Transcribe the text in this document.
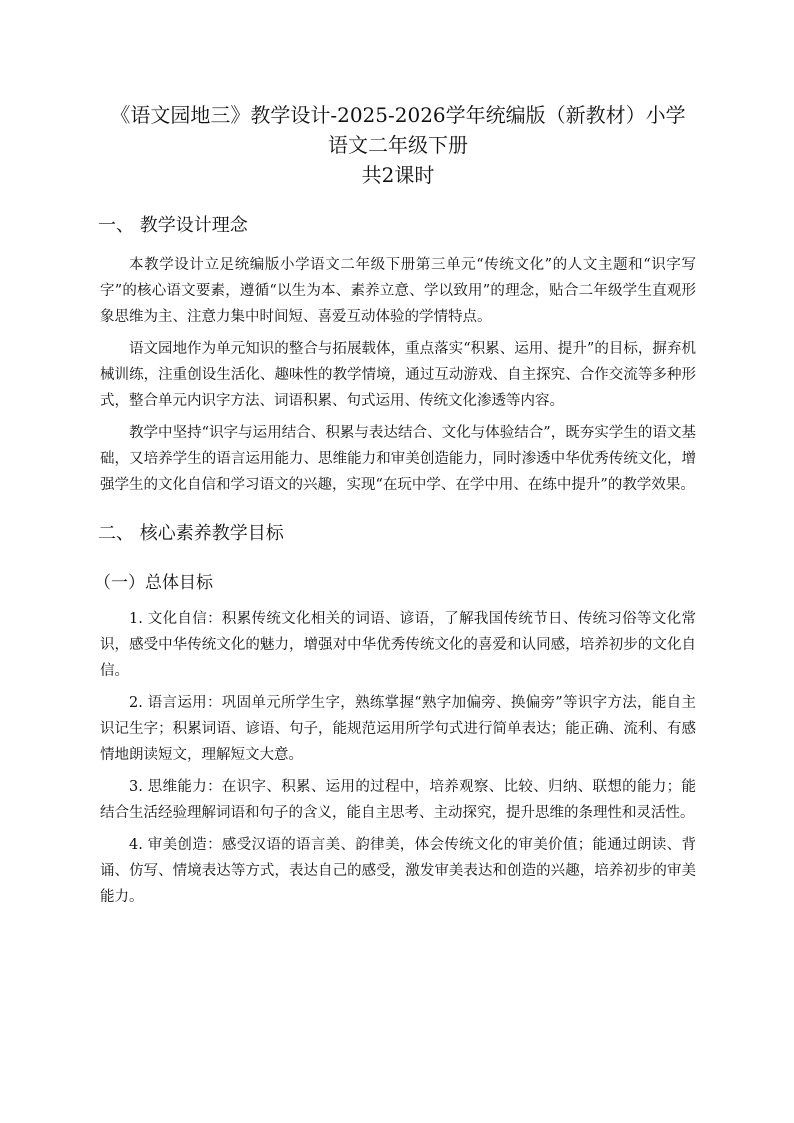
《语文园地三》教学设计-2025-2026学年统编版（新教材）小学
语文二年级下册
共2课时
一、 教学设计理念

本教学设计立足统编版小学语文二年级下册第三单元“传统文化”的人文主题和“识字写字”的核心语文要素，遵循“以生为本、素养立意、学以致用”的理念，贴合二年级学生直观形象思维为主、注意力集中时间短、喜爱互动体验的学情特点。

语文园地作为单元知识的整合与拓展载体，重点落实“积累、运用、提升”的目标，摒弃机械训练，注重创设生活化、趣味性的教学情境，通过互动游戏、自主探究、合作交流等多种形式，整合单元内识字方法、词语积累、句式运用、传统文化渗透等内容。

教学中坚持“识字与运用结合、积累与表达结合、文化与体验结合”，既夯实学生的语文基础，又培养学生的语言运用能力、思维能力和审美创造能力，同时渗透中华优秀传统文化，增强学生的文化自信和学习语文的兴趣，实现“在玩中学、在学中用、在练中提升”的教学效果。

二、 核心素养教学目标
（一）总体目标

1. 文化自信：积累传统文化相关的词语、谚语，了解我国传统节日、传统习俗等文化常识，感受中华传统文化的魅力，增强对中华优秀传统文化的喜爱和认同感，培养初步的文化自信。

2. 语言运用：巩固单元所学生字，熟练掌握“熟字加偏旁、换偏旁”等识字方法，能自主识记生字；积累词语、谚语、句子，能规范运用所学句式进行简单表达；能正确、流利、有感情地朗读短文，理解短文大意。

3. 思维能力：在识字、积累、运用的过程中，培养观察、比较、归纳、联想的能力；能结合生活经验理解词语和句子的含义，能自主思考、主动探究，提升思维的条理性和灵活性。

4. 审美创造：感受汉语的语言美、韵律美，体会传统文化的审美价值；能通过朗读、背诵、仿写、情境表达等方式，表达自己的感受，激发审美表达和创造的兴趣，培养初步的审美能力。
